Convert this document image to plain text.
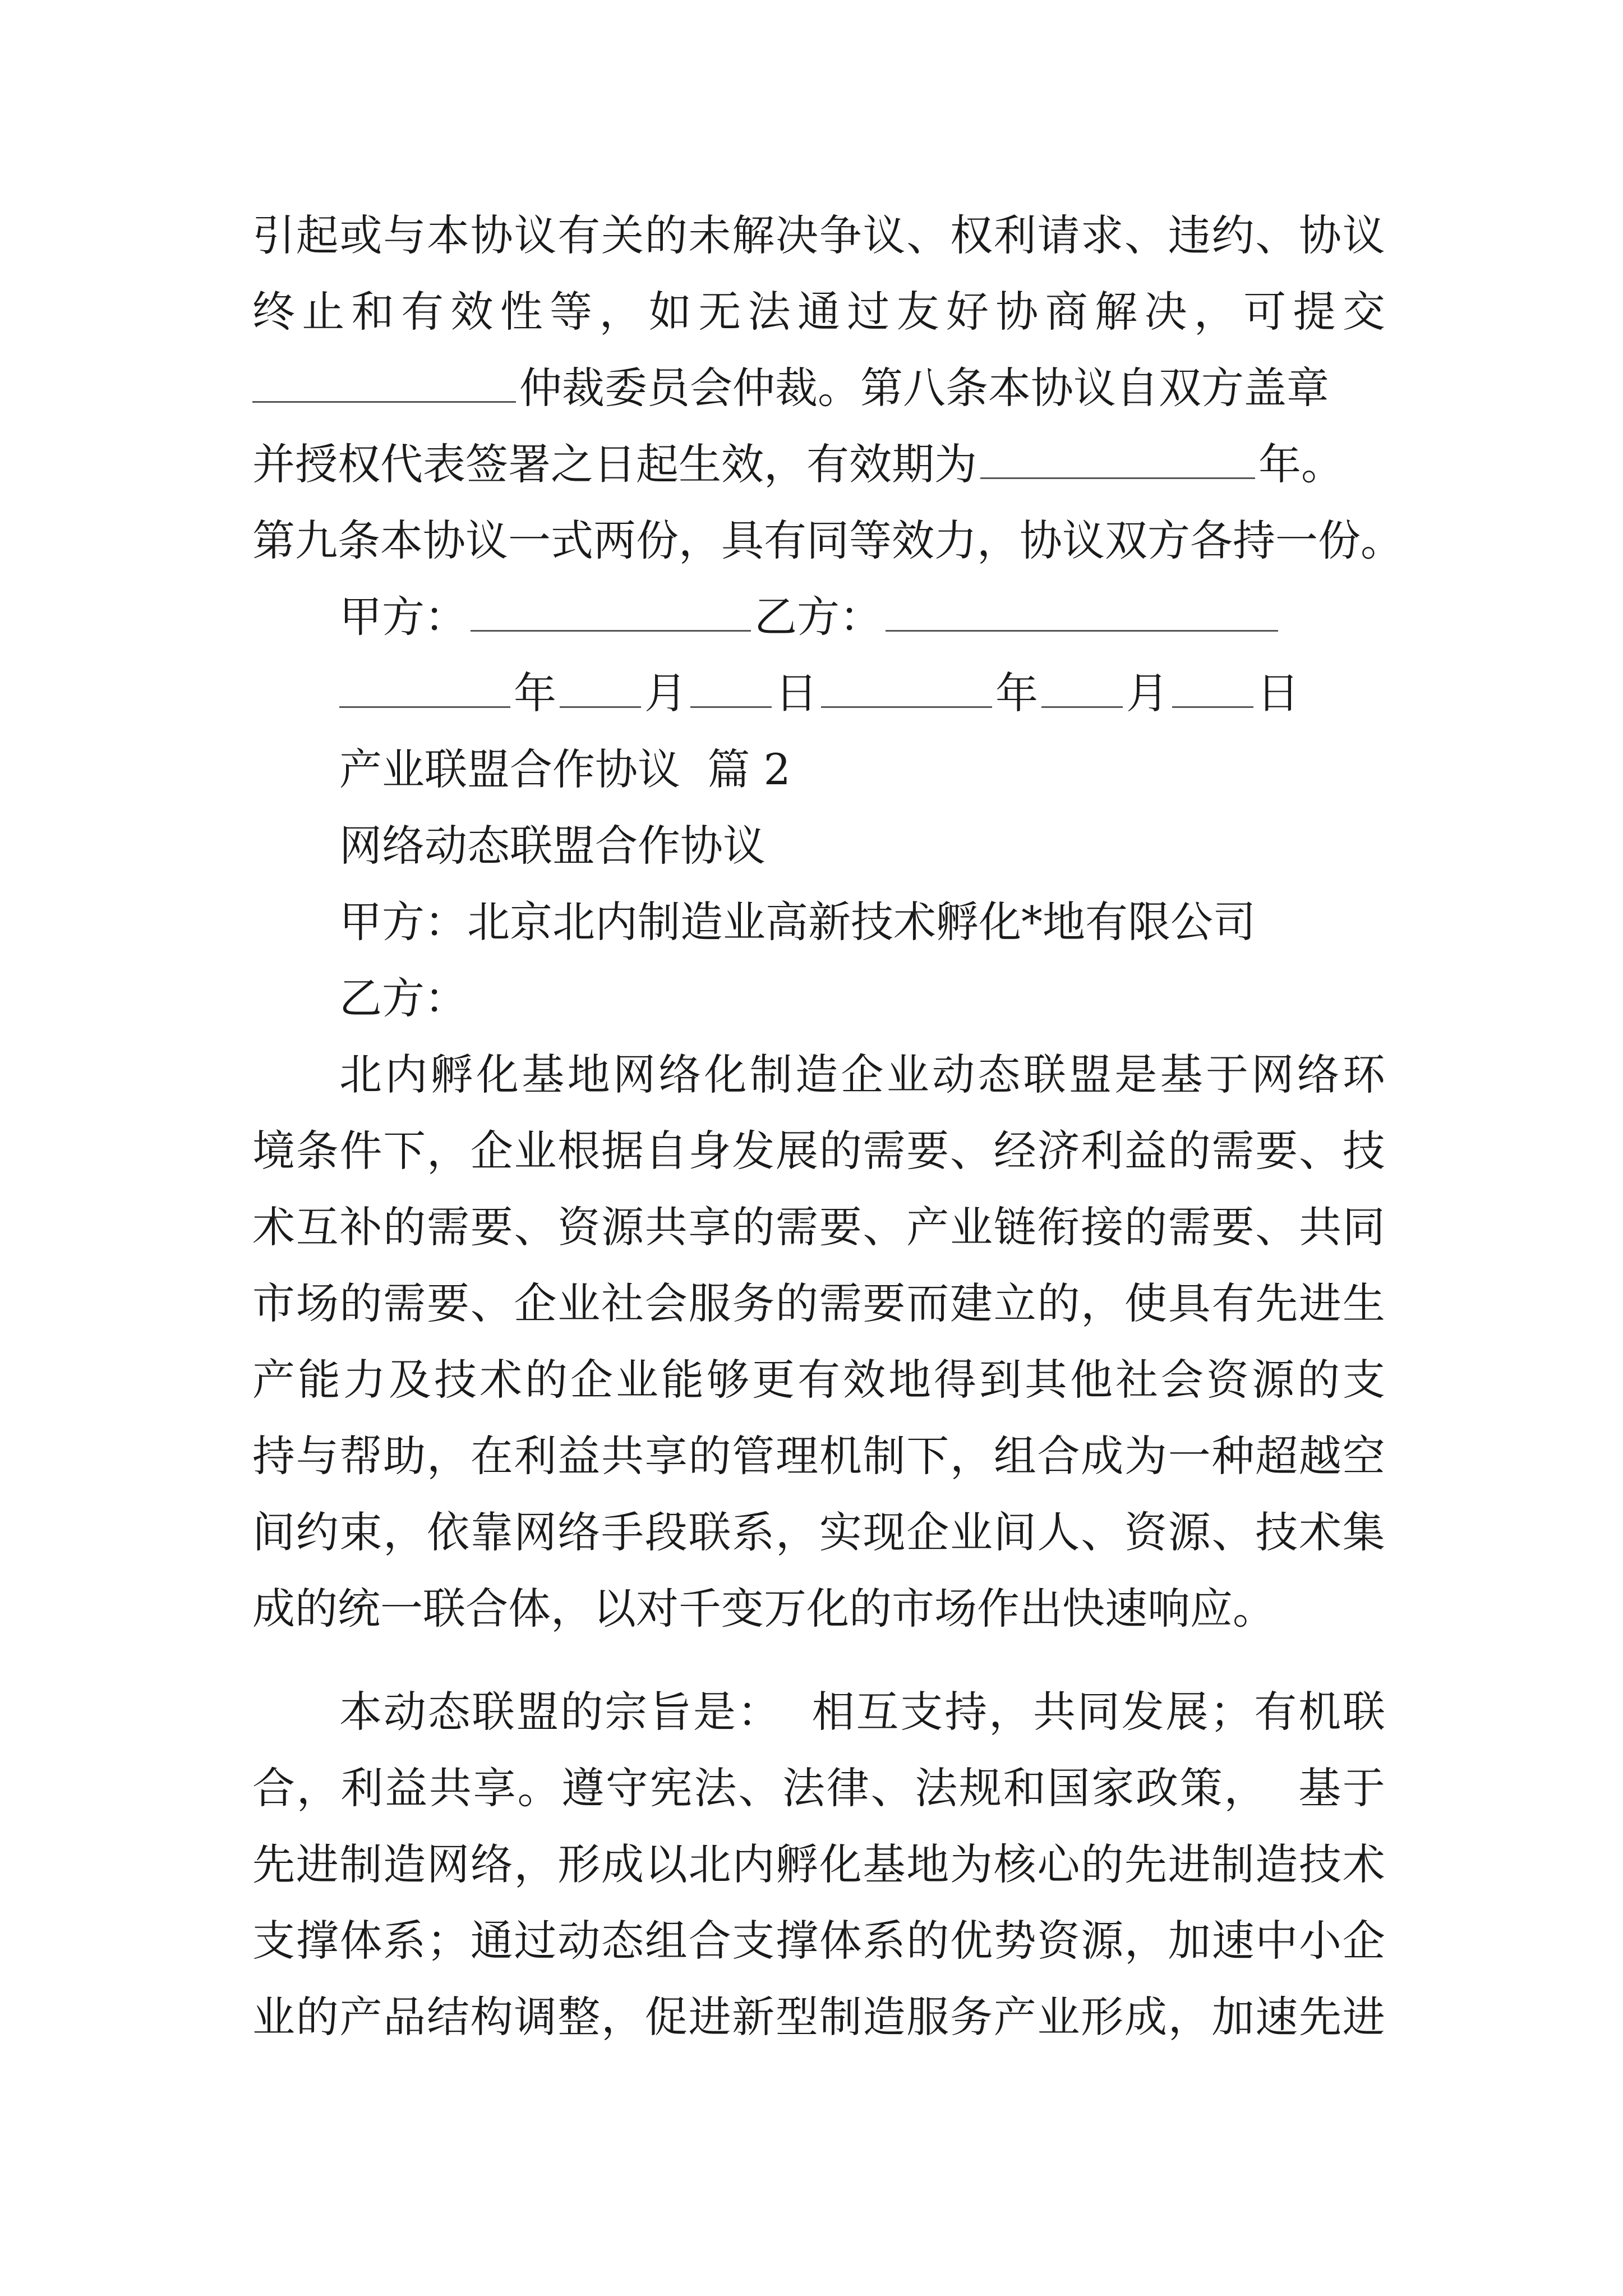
引 起 或 与 本 协 议 有 关 的 未 解 决 争 议 、 权 利 请 求 、 违 约 、 协 议
终 止 和 有 效 性 等 ， 如 无 法 通 过 友 好 协 商 解 决 ， 可 提 交
仲裁委员会仲裁。第八条本协议自双方盖章
并授权代表签署之日起生效，有效期为	年。
第 九 条 本 协 议 一 式 两 份 ， 具 有 同 等 效 力 ， 协 议 双 方 各 持 一 份 。
甲方：	乙方：
年 月 日	年 月 日
产业联盟合作协议  篇 2
网络动态联盟合作协议
甲方：北京北内制造业高新技术孵化*地有限公司
乙方：
北 内 孵 化 基 地 网 络 化 制 造 企 业 动 态 联 盟 是 基 于 网 络 环
境 条 件 下 ， 企 业 根 据 自 身 发 展 的 需 要 、 经 济 利 益 的 需 要 、 技
术 互 补 的 需 要 、 资 源 共 享 的 需 要 、 产 业 链 衔 接 的 需 要 、 共 同
市 场 的 需 要 、 企 业 社 会 服 务 的 需 要 而 建 立 的 ， 使 具 有 先 进 生
产 能 力 及 技 术 的 企 业 能 够 更 有 效 地 得 到 其 他 社 会 资 源 的 支
持 与 帮 助 ， 在 利 益 共 享 的 管 理 机 制 下 ， 组 合 成 为 一 种 超 越 空
间 约 束 ， 依 靠 网 络 手 段 联 系 ， 实 现 企 业 间 人 、 资 源 、 技 术 集
成的统一联合体，以对千变万化的市场作出快速响应。
本 动 态 联 盟 的 宗 旨 是 ：

相 互 支 持 ， 共 同 发 展 ； 有 机 联
合 ， 利 益 共 享 。 遵 守 宪 法 、 法 律 、 法 规 和 国 家 政 策 ，

基 于
先 进 制 造 网 络 ， 形 成 以 北 内 孵 化 基 地 为 核 心 的 先 进 制 造 技 术
支 撑 体 系 ； 通 过 动 态 组 合 支 撑 体 系 的 优 势 资 源 ， 加 速 中 小 企
业 的 产 品 结 构 调 整 ， 促 进 新 型 制 造 服 务 产 业 形 成 ， 加 速 先 进
